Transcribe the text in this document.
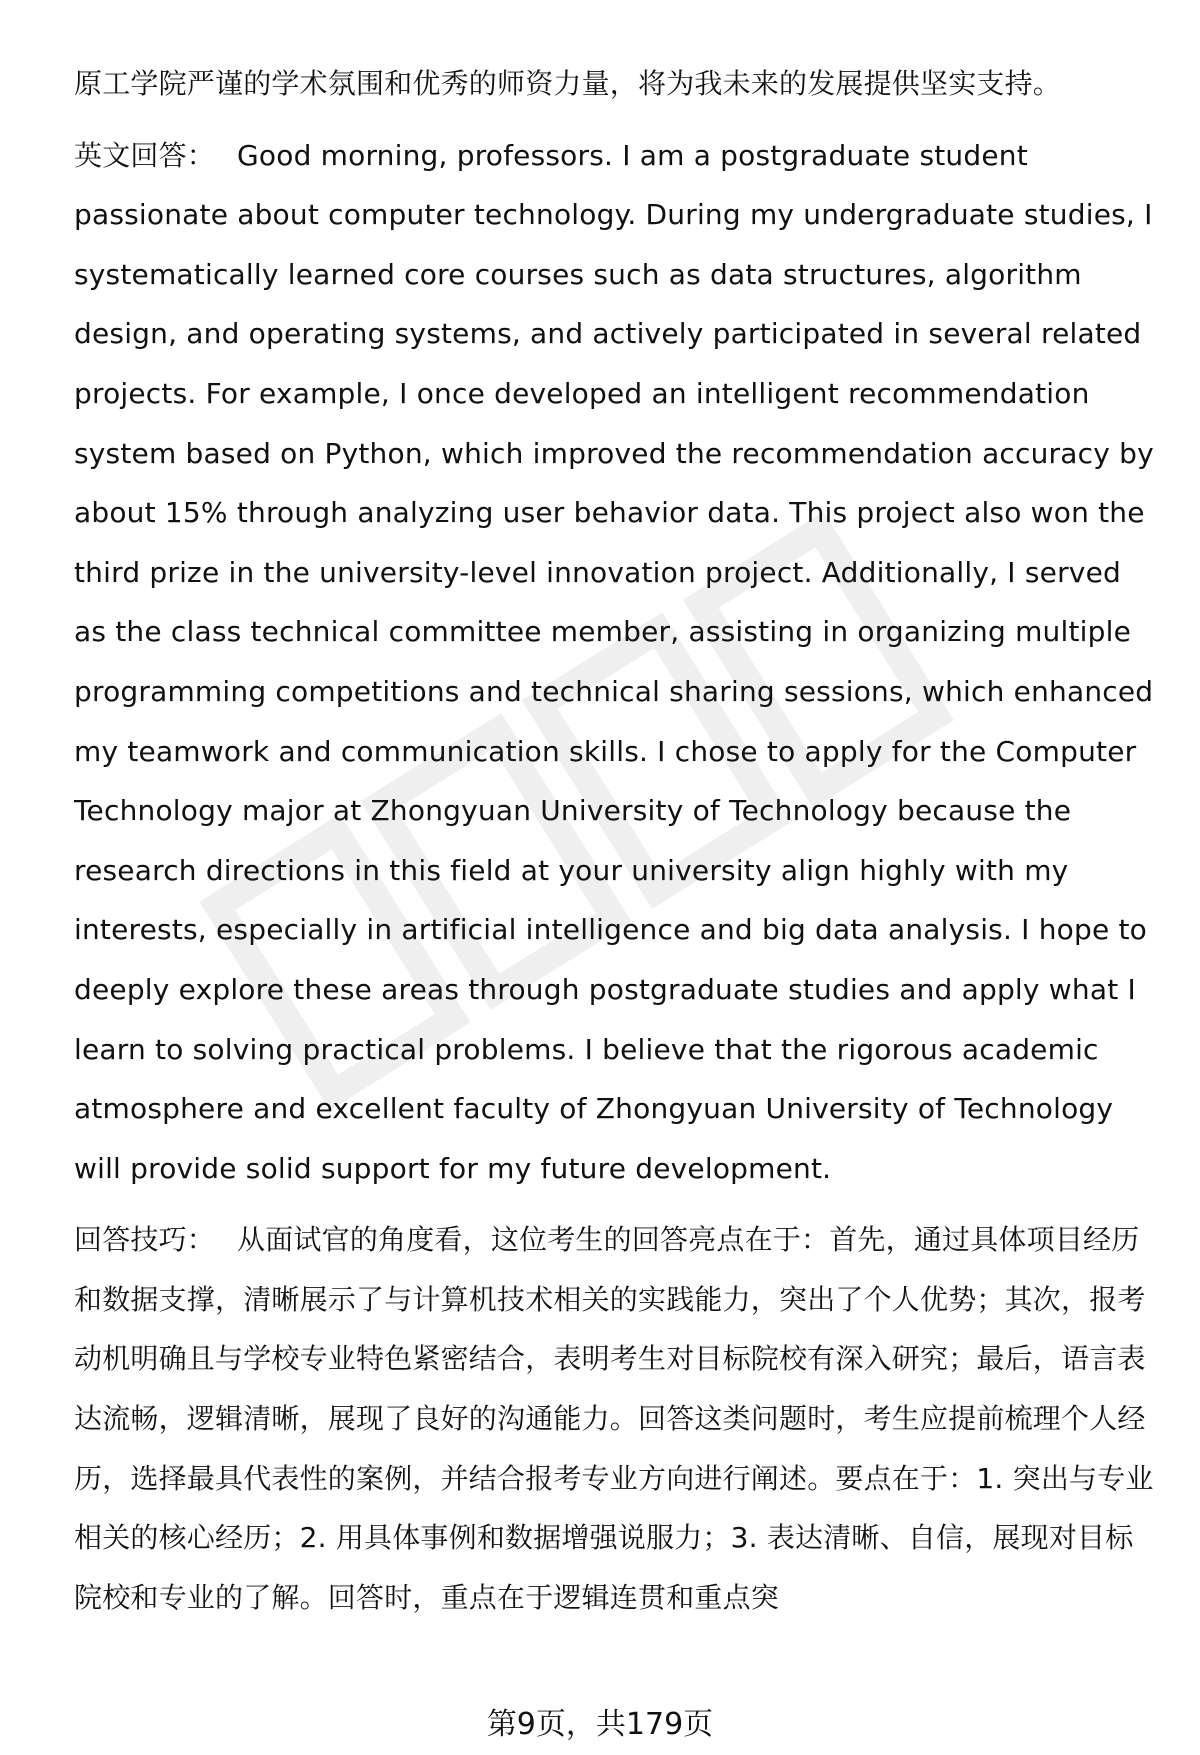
原工学院严谨的学术氛围和优秀的师资力量，将为我未来的发展提供坚实支持。

英文回答： Good morning, professors. I am a postgraduate student passionate about computer technology. During my undergraduate studies, I systematically learned core courses such as data structures, algorithm design, and operating systems, and actively participated in several related projects. For example, I once developed an intelligent recommendation system based on Python, which improved the recommendation accuracy by about 15% through analyzing user behavior data. This project also won the third prize in the university-level innovation project. Additionally, I served as the class technical committee member, assisting in organizing multiple programming competitions and technical sharing sessions, which enhanced my teamwork and communication skills. I chose to apply for the Computer Technology major at Zhongyuan University of Technology because the research directions in this field at your university align highly with my interests, especially in artificial intelligence and big data analysis. I hope to deeply explore these areas through postgraduate studies and apply what I learn to solving practical problems. I believe that the rigorous academic atmosphere and excellent faculty of Zhongyuan University of Technology will provide solid support for my future development.

回答技巧： 从面试官的角度看，这位考生的回答亮点在于：首先，通过具体项目经历和数据支撑，清晰展示了与计算机技术相关的实践能力，突出了个人优势；其次，报考动机明确且与学校专业特色紧密结合，表明考生对目标院校有深入研究；最后，语言表达流畅，逻辑清晰，展现了良好的沟通能力。回答这类问题时，考生应提前梳理个人经历，选择最具代表性的案例，并结合报考专业方向进行阐述。要点在于：1. 突出与专业相关的核心经历；2. 用具体事例和数据增强说服力；3. 表达清晰、自信，展现对目标院校和专业的了解。回答时，重点在于逻辑连贯和重点突

第9页，共179页
